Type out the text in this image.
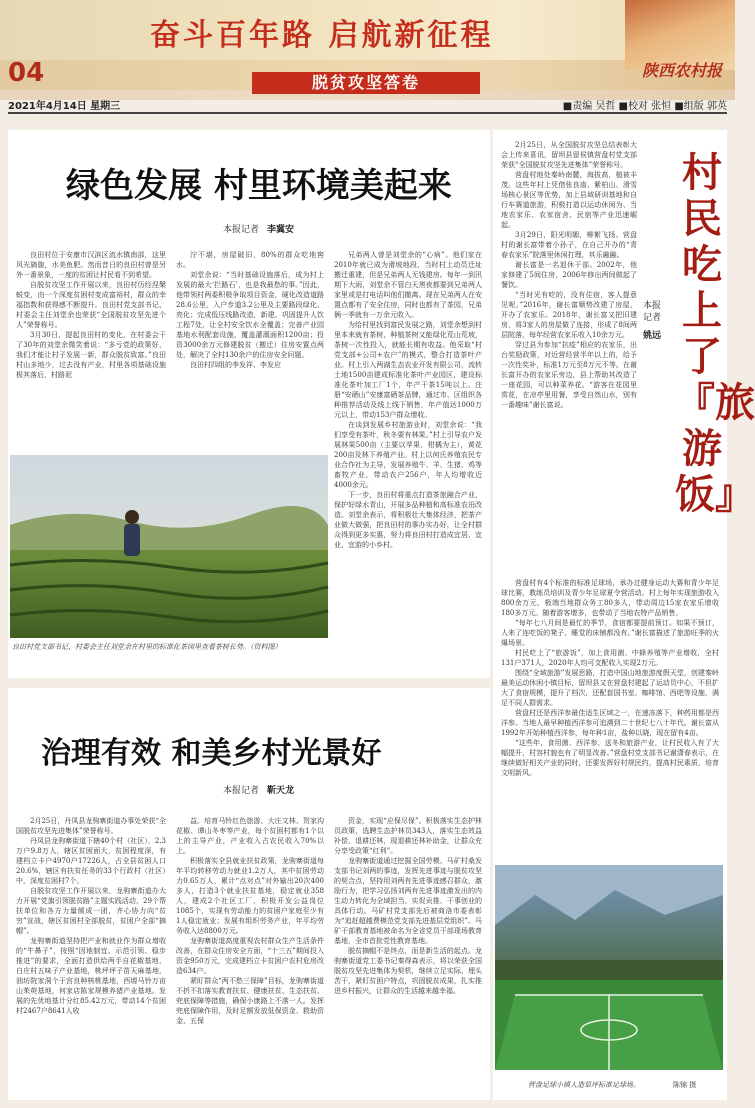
奋斗百年路 启航新征程
04	陕西农村报
脱贫攻坚答卷
2021年4月14日 星期三	■责编 吴哲 ■校对 张恒 ■组版 郭英
绿色发展 村里环境美起来
本报记者 李冀安

良田村位于安康市汉滨区流水镇南部，这里风光旖旎，水美鱼肥。然而昔日的良田村曾是另外一番景象，一度的贫困让村民看不到希望。

自脱贫攻坚工作开展以来，良田村历经涅槃蜕变，由一个深度贫困村变成富裕村，群众的幸福指数和获得感不断提升。良田村党支部书记、村委会主任刘堂余也荣获“全国脱贫攻坚先进个人”荣誉称号。

3月30日，提起良田村的变化，在村委会干了30年的刘堂余微笑着说：“多亏党的政策好，我们才能让村子发展一新，群众脱贫致富。”良田村山多地少，过去没有产业，村里各项基础设施极其落后，村路泥

泞不堪，房屋破旧，80%的群众吃地窖水。

刘堂余说：“当时基础设施落后，成为村上发展的最大‘拦路石’，也是我最愁的事。”因此，他带领村两委积极争取项目资金，硬化改造道路28.6公里，入户步道3.2公里及主要路段绿化、亮化；完成低压线路改造，新建、巩固提升人饮工程7处，让全村安全饮水全覆盖；完善产业园基地水利配套设施，覆盖灌溉面积1200亩；投资3000余万元修建脱贫（搬迁）住房安置点两处，解决了全村130余户的住房安全问题。

良田村四组的李发祥、李发应

兄弟两人曾是刘堂余的“心病”。他们家在2010年就已成为滑坡地段，当时村上动员迁址搬迁重建，但是兄弟两人无钱建房。每年一到汛期下大雨，刘堂余不管白天黑夜都要到兄弟两人家里或是打电话叫他们撤离。现在兄弟两人在安置点都有了安全住房，同时也都有了茶园，兄弟俩一季就有一万余元收入。

为给村里找到富民发展之路，刘堂余想到村里本来就有茶树，种植茶树又能绿化荒山荒坡，茶树一次性投入，就能长期有收益。他采取“村党支部+公司+农户”的模式，整合打造茶叶产业。村上引入两湖生态农业开发有限公司，流转土地1500亩建成标准化茶叶产业园区，建设标准化茶叶加工厂1个，年产干茶15吨以上。注册“安硒山”安康富硒茶品牌，通过市、区组织各种推荐活动及线上线下销售，年产值达1000万元以上，带动153户群众增收。

在谈到发展乡村旅游业时，刘堂余说：“我们享受有茶叶，秋冬要有林果。”村上引导农户发展林果500亩（主要以苹果、柑橘为主），黄花200亩及林下养殖产业。村上以何氏养殖农民专业合作社为主导，发展养殖牛、羊、生猪、鸡等畜牧产业，带动农户256户，年人均增收近4000余元。

下一步，良田村将重点打造茶旅融合产业，保护好绿水青山，开展多品种植和高标准农田改造。刘堂余表示，将积极壮大集体经济，把茶产业做大做强，把良田村的事办实办好，让全村群众得到更多实惠，努力将良田村打造成宜居、宜业、宜游的小乡村。

良田村党支部书记、村委会主任刘堂余在村里的标准化茶园里查看茶树长势。（资料图）
治理有效 和美乡村光景好
本报记者 靳天龙

2月25日，丹凤县龙驹寨街道办事处荣获“全国脱贫攻坚先进集体”荣誉称号。

丹凤县龙驹寨街道下辖40个村（社区），2.3万户9.8万人，辖区贫困面大，贫困程度深，有建档立卡户4970户17226人，占全县贫困人口20.6%，辖区有扶贫任务的33个行政村（社区）中，深度贫困村7个。

自脱贫攻坚工作开展以来，龙驹寨街道办大力开展“党旗引领脱贫路”主题实践活动，29个帮扶单位和各方力量倾成一团，齐心协力向“贫穷”宣战，辖区贫困村全部脱贫，贫困户全部“摘帽”。

龙驹寨街道坚持把产业和就业作为群众增收的“牛鼻子”，按照“因地制宜、示范引领、稳步推进”的要求，全面打造供给两手自花椒基地，白庄村五味子产业基地，桃坪坪子苗天麻基地，油坊院家洞个于宫良种核桃基地，西塬马铃万亩山茱萸基地，何家店陈家规模养猪产业基地。发展的先优地基计分红85.42万元，带动14个贫困村2467户8641人收

益。培育马铃红色旅游、大庄文林、贺家沟花椒、谭山冬枣等产业，每个贫困村都有1个以上的主导产业，产业收入占农民收入70%以上。

积极落实全县就业扶贫政策，龙驹寨街道每年平均转移劳动力就业1.2万人，其中贫困劳动力0.65万人，累计“点对点”对外输出20次400多人，打造3个就业扶贫基地，稳定就业358人，建成2个社区工厂，积极开发公益岗位1085个，实现有劳动能力的贫困户家庭至少有1人稳定就业；发展有组织劳务产业，年平均劳务收入达8800万元。

龙驹寨街道高度重视农村群众生产生活条件改善，在群众住房安全方面，“十三五”期间投入资金950万元，完成建档立卡贫困户农村危房改造634户。

紧盯群众“两不愁三保障”目标，龙驹寨街道不折不扣落实教育扶贫、健康扶贫、生态扶贫、兜底保障等措施，确保小康路上不落一人。发挥兜底保障作用，及时足额发放低保资金、救助资金、五保

资金，实现“应保尽保”。积极落实生态护林员政策，选聘生态护林员343人，落实生态效益补偿、退耕还林，现退耕还林补助金，让群众充分享受政策“红利”。

龙驹寨街道通过挖掘全国劳模、马矿村桑发支部书记刘两的事迹，发挥先进事迹与脱贫攻坚的契合点，坚持用刘两有先进事迹感召群众，激励行为，把学习弘扬刘两有先进事迹激发出的内生动力转化为全域担当、实促贡推、干事创业的具体行动。马矿村党支部先后被商洛市委表彰为“追赶超越费模范党支部先进基层党组织”。马矿干部教育基地被命名为全省党员干部现场教育基地，全市首批党性教育基地。

脱贫摘帽不是终点，而是新生活的起点。龙驹寨街道党工委书记秦得森表示，将以荣获全国脱贫攻坚先进集体为契机，继续立足实际、埋头苦干，紧盯贫困户特点，巩固脱贫成果，扎实推进乡村振兴，让群众的生活越来越幸福。

2月25日，从全国脱贫攻坚总结表彰大会上传来喜讯，留坝县留侯镇营盘村党支部荣获“全国脱贫攻坚先进集体”荣誉称号。

营盘村地处秦岭南麓，海拔高，植被丰茂。这些年村上凭借张良庙、紫柏山、滑雪场核心景区等优势，加上县域研训基地和自行车赛道旅游，积极打造以运动休闲为、当地农家乐、农家宿舍、民宿等产业迅速崛起。

3月29日，阳光明媚，柳絮飞扬。营盘村的谢长富带着小孙子，在自己开办的“青春农家乐”院落里休闲打理，其乐融融。

谢长富是一名退休干部。2002年，他家修建了5间住房，2006年修出两间做起了餐饮。

“当时光有吃的，没有住宿，客人提意见呢。”2016年，谢长富顺势改建了房屋，开办了农家乐。2018年，谢长富又把旧建房，将3家人的房屋做了连接，形成了8间两层院落，每年经营农家乐收入10余万元。

穿过县为参加“抗疫”相应的农家乐，出台奖励政策，对近营经营半年以上的，给予一次性奖补，标准1万元至8万元不等。在谢长富开办的农家乐旁边，县上帮助其改造了一座花园，可以种菜养花。“游客在花园里赏花，在凉亭里用餐，享受自然山水，别有一番趣味”谢长富说。

营盘村有4个标准的标准足球场，承办过健身运动大赛和青少年足球比赛，教练员培训及青少年足球夏令营活动。村上每年实现旅游收入800余万元，极端当地群众务工80多人，带动周边15家农家乐增收180多万元。随着游客增多，也带动了当地农特产品销售。

“每年七八月间是最忙的季节，食宿都要提前预订。如果不预订，人来了连吃饭的凳子、睡觉的床铺都没有。”谢长富描述了旅游旺季的火爆场景。

村民吃上了“旅游饭”，加上食用菌、中蜂养殖等产业增收，全村131户371人，2020年人均可支配收入实现2万元。

围绕“全域旅游”发展思路，打造中国山地旅游度假天堂，创建秦岭最美运动休闲小镇目标，留坝县又在营盘村建起了运动员中心，不但扩大了食宿规模，提升了档次，还配套国书室、咖啡馆、西吧等设施，满足不同人群需求。

营盘村还是西洋参最佳适生区域之一，在速冻落下，种药用都是西洋参。当地人最早种植西洋参可追溯到二十世纪七八十年代。谢长富从1992年开始种植西洋参，每年种1亩，盐种以晓，现在留有4亩。

“这些年，食用菌、西洋参、送冬和旅游产业，让村民收入有了大幅提升，村容村貌也有了明显改善。”营盘村党支部书记谢潇春表示，在继续做好相关产业的同时，还要发挥好村规民约，提高村民素质，培育文明新风。

营盘足球小镇人造草坪标准足球场。	陈锦 摄
村民吃上了『旅游饭』
本报记者
姚远
